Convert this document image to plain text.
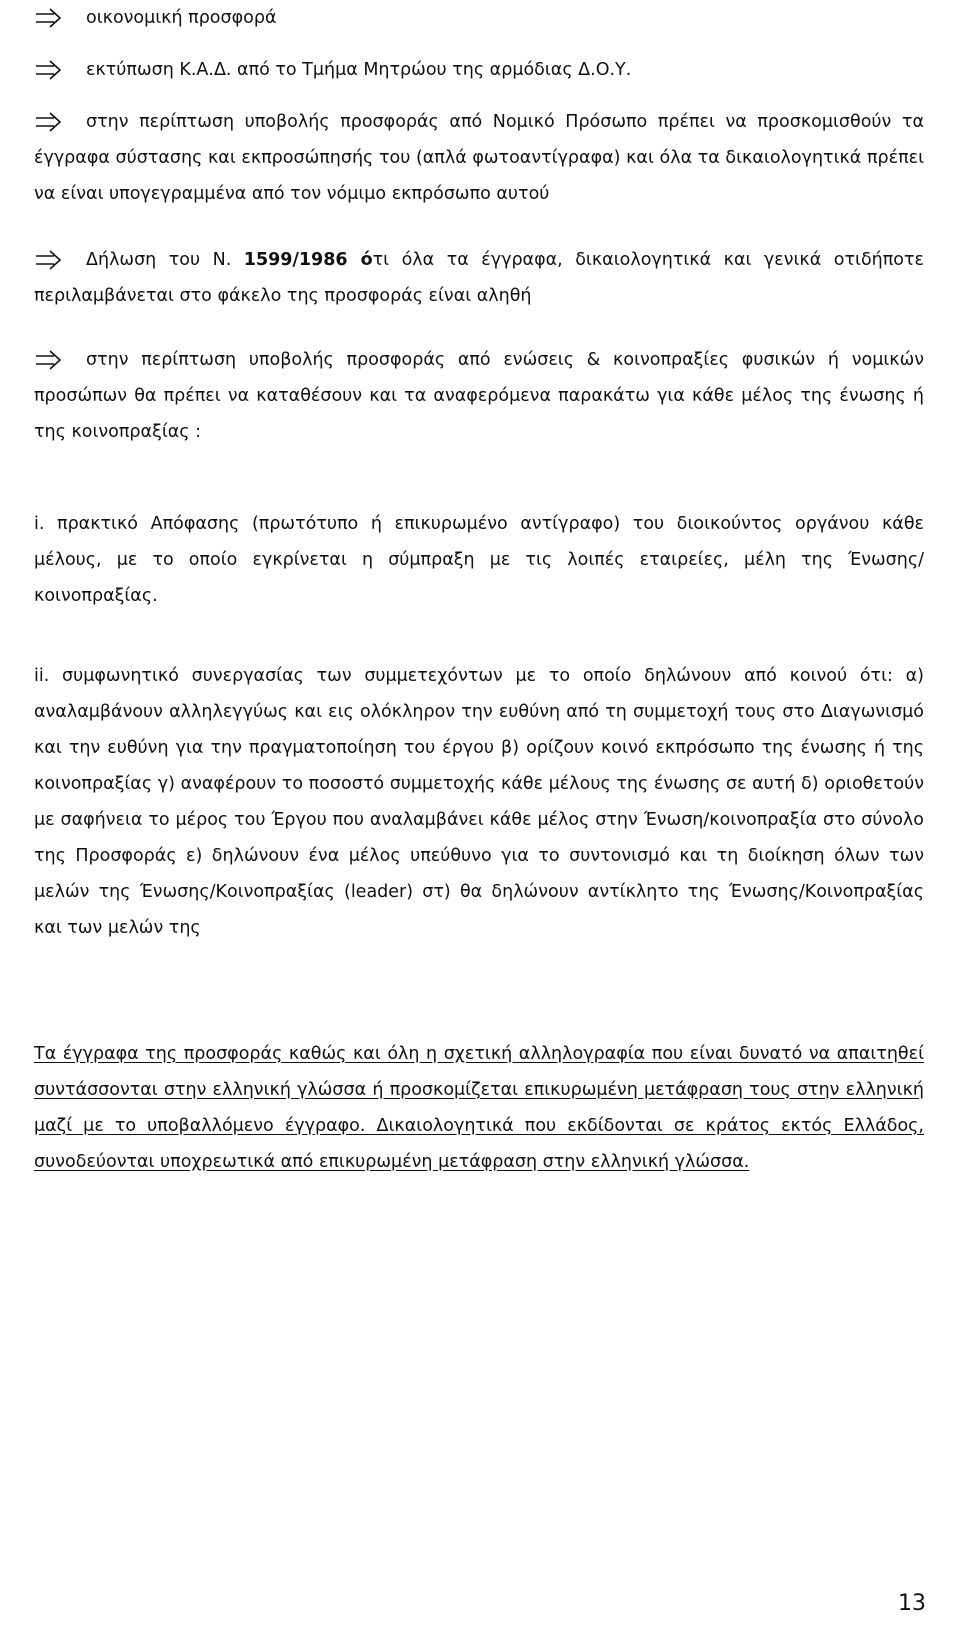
οικονομική προσφορά
εκτύπωση Κ.Α.Δ. από το Τμήμα Μητρώου της αρμόδιας Δ.Ο.Υ.
στην περίπτωση υποβολής προσφοράς από Νομικό Πρόσωπο πρέπει να προσκομισθούν τα έγγραφα σύστασης και εκπροσώπησής του (απλά φωτοαντίγραφα) και όλα τα δικαιολογητικά πρέπει να είναι υπογεγραμμένα από τον νόμιμο εκπρόσωπο αυτού
Δήλωση του Ν. 1599/1986 ότι όλα τα έγγραφα, δικαιολογητικά και γενικά οτιδήποτε περιλαμβάνεται στο φάκελο της προσφοράς είναι αληθή
στην περίπτωση υποβολής προσφοράς από ενώσεις & κοινοπραξίες φυσικών ή νομικών προσώπων θα πρέπει να καταθέσουν και τα αναφερόμενα παρακάτω για κάθε μέλος της ένωσης ή της κοινοπραξίας :
i. πρακτικό Απόφασης (πρωτότυπο ή επικυρωμένο αντίγραφο) του διοικούντος οργάνου κάθε μέλους, με το οποίο εγκρίνεται η σύμπραξη με τις λοιπές εταιρείες, μέλη της Ένωσης/ κοινοπραξίας.
ii. συμφωνητικό συνεργασίας των συμμετεχόντων με το οποίο δηλώνουν από κοινού ότι: α) αναλαμβάνουν αλληλεγγύως και εις ολόκληρον την ευθύνη από τη συμμετοχή τους στο Διαγωνισμό και την ευθύνη για την πραγματοποίηση του έργου β) ορίζουν κοινό εκπρόσωπο της ένωσης ή της κοινοπραξίας γ) αναφέρουν το ποσοστό συμμετοχής κάθε μέλους της ένωσης σε αυτή δ) οριοθετούν με σαφήνεια το μέρος του Έργου που αναλαμβάνει κάθε μέλος στην Ένωση/κοινοπραξία στο σύνολο της Προσφοράς ε) δηλώνουν ένα μέλος υπεύθυνο για το συντονισμό και τη διοίκηση όλων των μελών της Ένωσης/Κοινοπραξίας (leader) στ) θα δηλώνουν αντίκλητο της Ένωσης/Κοινοπραξίας και των μελών της
Τα έγγραφα της προσφοράς καθώς και όλη η σχετική αλληλογραφία που είναι δυνατό να απαιτηθεί συντάσσονται στην ελληνική γλώσσα ή προσκομίζεται επικυρωμένη μετάφραση τους στην ελληνική μαζί με το υποβαλλόμενο έγγραφο. Δικαιολογητικά που εκδίδονται σε κράτος εκτός Ελλάδος, συνοδεύονται υποχρεωτικά από επικυρωμένη μετάφραση στην ελληνική γλώσσα.
13
